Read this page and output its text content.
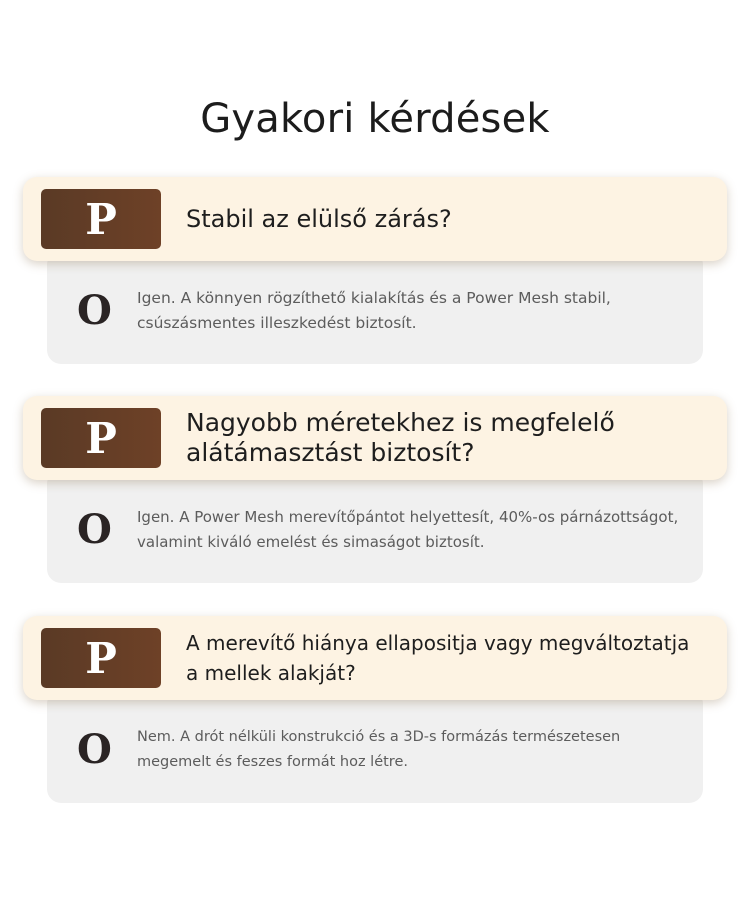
Gyakori kérdések
O Igen. A könnyen rögzíthető kialakítás és a Power Mesh stabil, csúszásmentes illeszkedést biztosít.
P	Stabil az elülső zárás?
O Igen. A Power Mesh merevítőpántot helyettesít, 40%-os párnázottságot, valamint kiváló emelést és simaságot biztosít.
P	Nagyobb méretekhez is megfelelő alátámasztást biztosít?
O Nem. A drót nélküli konstrukció és a 3D-s formázás természetesen megemelt és feszes formát hoz létre.
P	A merevítő hiánya ellapositja vagy megváltoztatja a mellek alakját?
